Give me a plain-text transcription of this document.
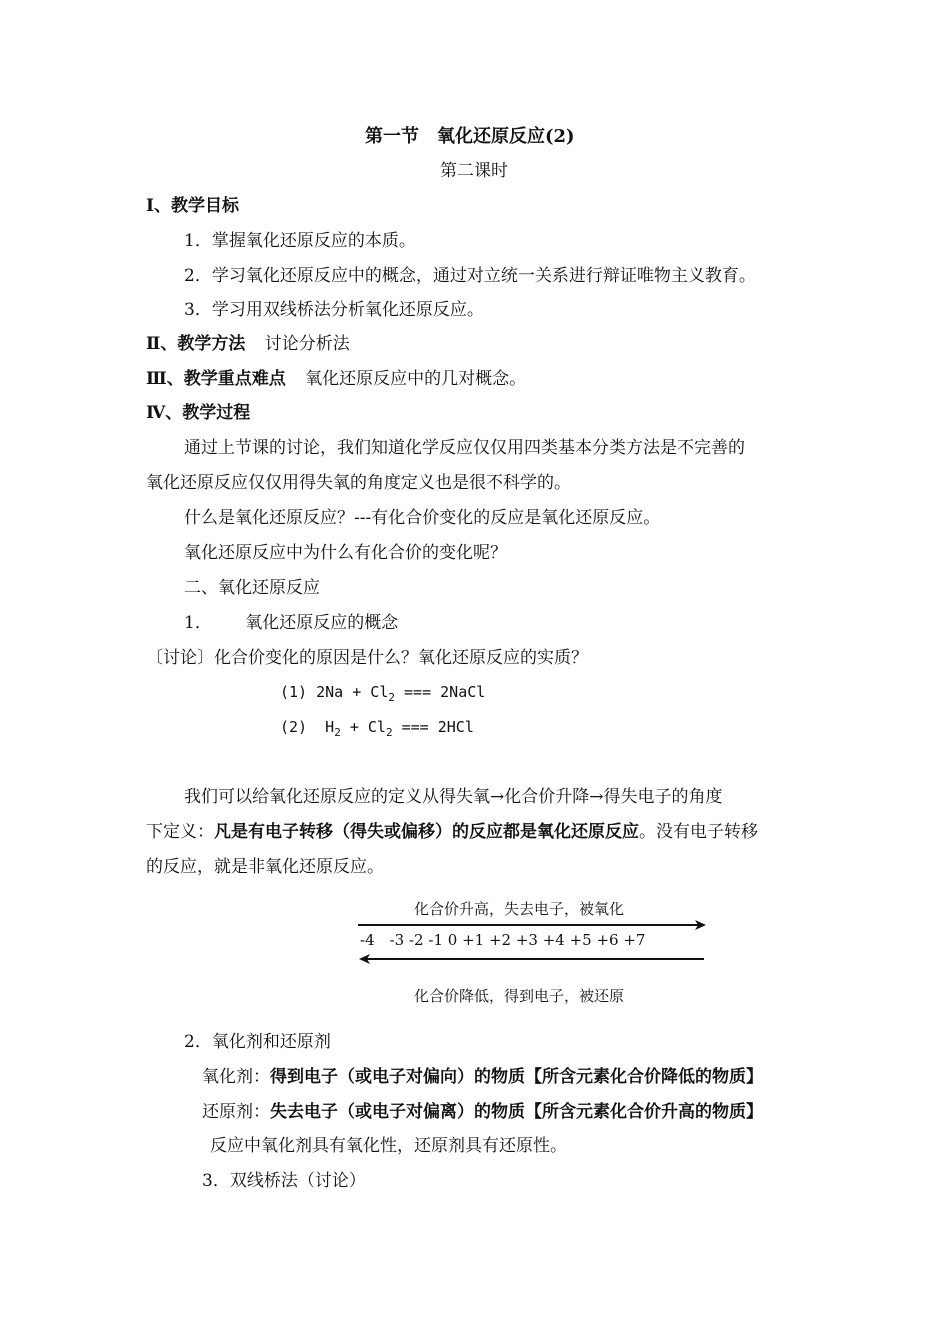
第一节　氧化还原反应(2)
第二课时
Ⅰ、教学目标
1．掌握氧化还原反应的本质。
2．学习氧化还原反应中的概念，通过对立统一关系进行辩证唯物主义教育。
3．学习用双线桥法分析氧化还原反应。
Ⅱ、教学方法 讨论分析法
Ⅲ、教学重点难点 氧化还原反应中的几对概念。
Ⅳ、教学过程
通过上节课的讨论，我们知道化学反应仅仅用四类基本分类方法是不完善的
氧化还原反应仅仅用得失氧的角度定义也是很不科学的。
什么是氧化还原反应？---有化合价变化的反应是氧化还原反应。
氧化还原反应中为什么有化合价的变化呢？
二、氧化还原反应
1． 氧化还原反应的概念
〔讨论〕化合价变化的原因是什么？氧化还原反应的实质？
(1) $2Na + Cl_2$ === 2NaCl
(2) $H_2 + Cl_2$ === 2HCl
我们可以给氧化还原反应的定义从得失氧→化合价升降→得失电子的角度
下定义：凡是有电子转移（得失或偏移）的反应都是氧化还原反应。没有电子转移
的反应，就是非氧化还原反应。
化合价升高，失去电子，被氧化
-4　-3 -2 -1 0 +1 +2 +3 +4 +5 +6 +7
化合价降低，得到电子，被还原
2．氧化剂和还原剂
氧化剂：得到电子（或电子对偏向）的物质【所含元素化合价降低的物质】
还原剂：失去电子（或电子对偏离）的物质【所含元素化合价升高的物质】
反应中氧化剂具有氧化性，还原剂具有还原性。
3．双线桥法（讨论）
